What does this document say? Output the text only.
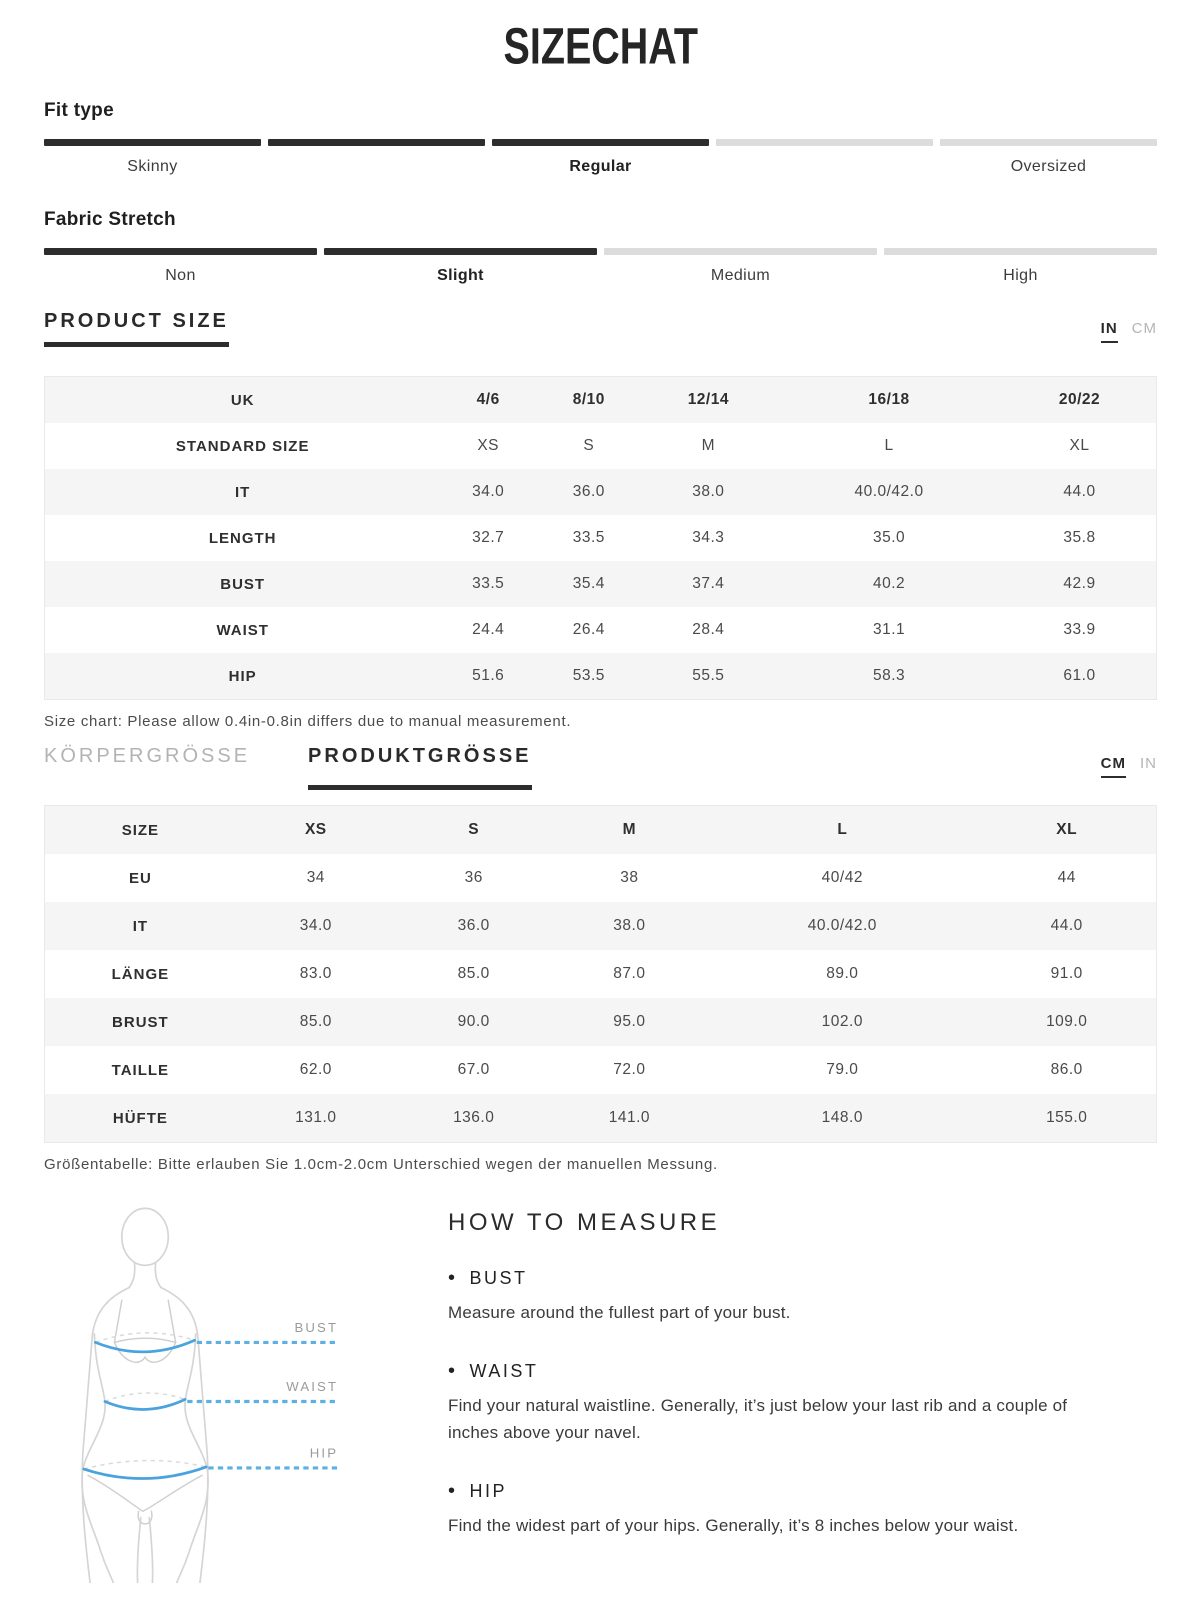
SIZECHAT
Fit type
Skinny	Regular	Oversized
Fabric Stretch
Non	Slight	Medium	High
PRODUCT SIZE	IN CM
UK	4/6	8/10	12/14	16/18	20/22
STANDARD SIZE	XS	S	M	L	XL
IT	34.0	36.0	38.0	40.0/42.0	44.0
LENGTH	32.7	33.5	34.3	35.0	35.8
BUST	33.5	35.4	37.4	40.2	42.9
WAIST	24.4	26.4	28.4	31.1	33.9
HIP	51.6	53.5	55.5	58.3	61.0
Size chart: Please allow 0.4in-0.8in differs due to manual measurement.
KÖRPERGRÖSSE	PRODUKTGRÖSSE	CM IN
SIZE	XS	S	M	L	XL
EU	34	36	38	40/42	44
IT	34.0	36.0	38.0	40.0/42.0	44.0
LÄNGE	83.0	85.0	87.0	89.0	91.0
BRUST	85.0	90.0	95.0	102.0	109.0
TAILLE	62.0	67.0	72.0	79.0	86.0
HÜFTE	131.0	136.0	141.0	148.0	155.0
Größentabelle: Bitte erlauben Sie 1.0cm-2.0cm Unterschied wegen der manuellen Messung.
BUST
WAIST
HIP
HOW TO MEASURE
• BUST
Measure around the fullest part of your bust.
• WAIST
Find your natural waistline. Generally, it’s just below your last rib and a couple of inches above your navel.
• HIP
Find the widest part of your hips. Generally, it’s 8 inches below your waist.
